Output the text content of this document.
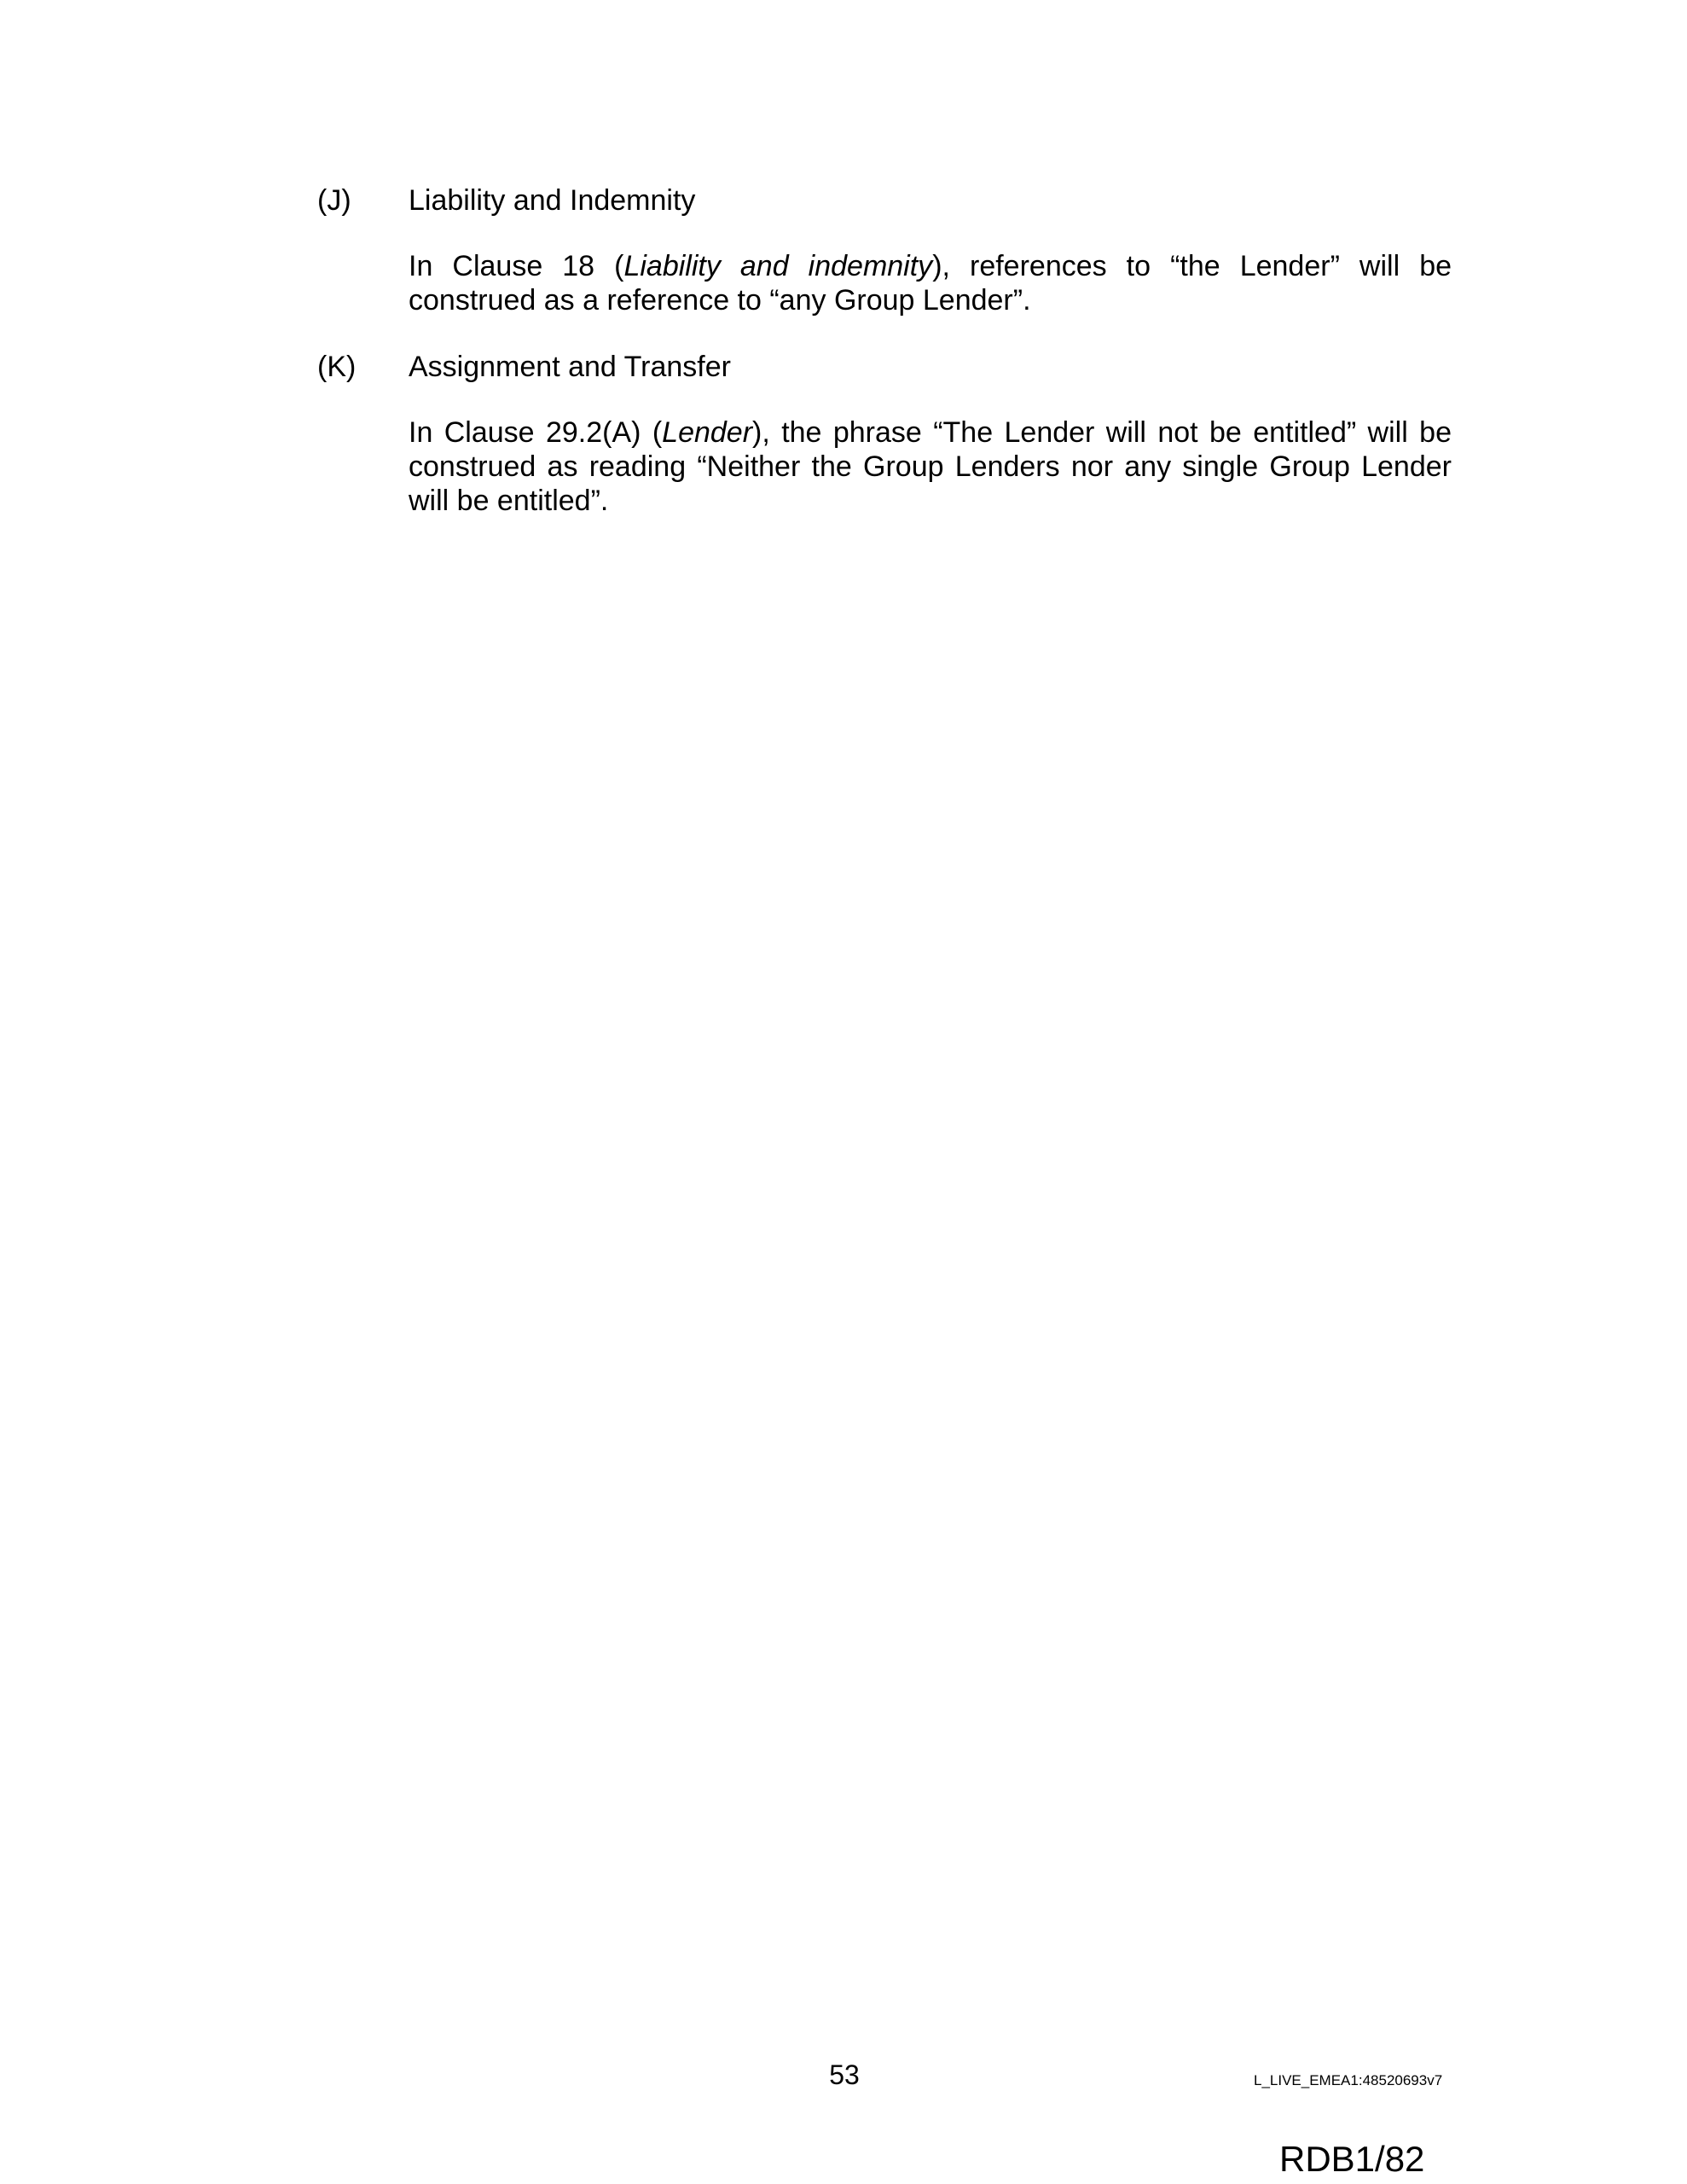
(J) Liability and Indemnity
In Clause 18 (Liability and indemnity), references to “the Lender” will be construed as a reference to “any Group Lender”.
(K) Assignment and Transfer
In Clause 29.2(A) (Lender), the phrase “The Lender will not be entitled” will be construed as reading “Neither the Group Lenders nor any single Group Lender will be entitled”.
53	L_LIVE_EMEA1:48520693v7
RDB1/82
